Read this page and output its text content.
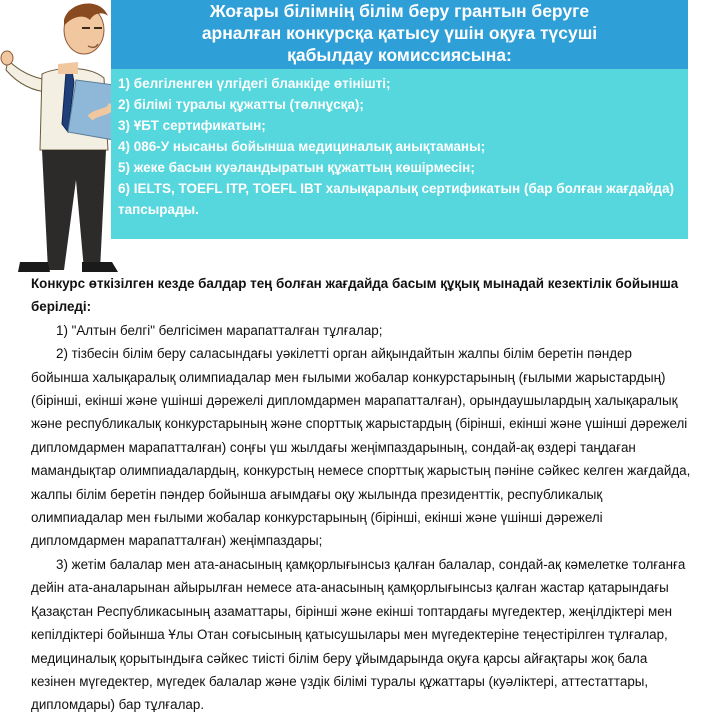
Жоғары білімнің білім беру грантын беруге
арналған конкурсқа қатысу үшін оқуға түсуші
қабылдау комиссиясына:
1) белгіленген үлгідегі бланкіде өтінішті;
2) білімі туралы құжатты (төлнұсқа);
3) ҰБТ сертификатын;
4) 086-У нысаны бойынша медициналық анықтаманы;
5) жеке басын куәландыратын құжаттың көшірмесін;
6) IELTS, TOEFL ITP, TOEFL IBT халықаралық сертификатын (бар болған жағдайда) тапсырады.

Конкурс өткізілген кезде балдар тең болған жағдайда басым құқық мынадай кезектілік бойынша беріледі:

1) "Алтын белгі" белгісімен марапатталған тұлғалар;

2) тізбесін білім беру саласындағы уәкілетті орган айқындайтын жалпы білім беретін пәндер бойынша халықаралық олимпиадалар мен ғылыми жобалар конкурстарының (ғылыми жарыстардың) (бірінші, екінші және үшінші дәрежелі дипломдармен марапатталған), орындаушылардың халықаралық және республикалық конкурстарының және спорттық жарыстардың (бірінші, екінші және үшінші дәрежелі дипломдармен марапатталған) соңғы үш жылдағы жеңімпаздарының, сондай-ақ өздері таңдаған мамандықтар олимпиадалардың, конкурстың немесе спорттық жарыстың пәніне сәйкес келген жағдайда, жалпы білім беретін пәндер бойынша ағымдағы оқу жылында президенттік, республикалық олимпиадалар мен ғылыми жобалар конкурстарының (бірінші, екінші және үшінші дәрежелі дипломдармен марапатталған) жеңімпаздары;

3) жетім балалар мен ата-анасының қамқорлығынсыз қалған балалар, сондай-ақ кәмелетке толғанға дейін ата-аналарынан айырылған немесе ата-анасының қамқорлығынсыз қалған жастар қатарындағы Қазақстан Республикасының азаматтары, бірінші және екінші топтардағы мүгедектер, жеңілдіктері мен кепілдіктері бойынша Ұлы Отан соғысының қатысушылары мен мүгедектеріне теңестірілген тұлғалар, медициналық қорытындыға сәйкес тиісті білім беру ұйымдарында оқуға қарсы айғақтары жоқ бала кезінен мүгедектер, мүгедек балалар және үздік білімі туралы құжаттары (куәліктері, аттестаттары, дипломдары) бар тұлғалар.
